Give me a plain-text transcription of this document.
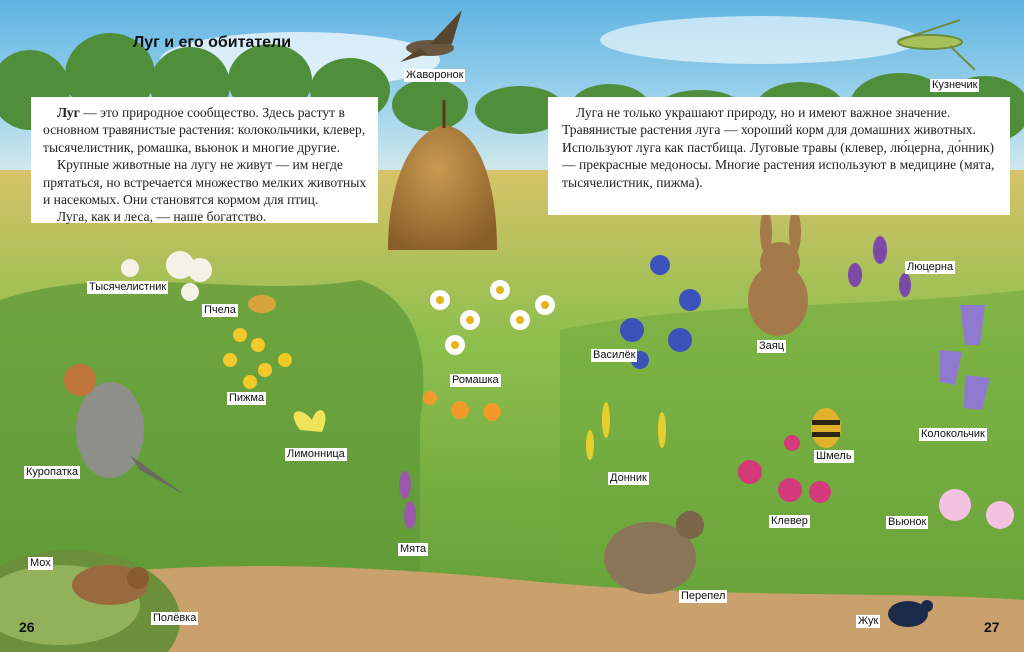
Луг и его обитатели

Луг — это природное сообщество. Здесь растут в основном травянистые растения: колокольчики, клевер, тысячелистник, ромашка, вьюнок и многие другие.

Крупные животные на лугу не живут — им негде прятаться, но встречается множество мелких животных и насекомых. Они становятся кормом для птиц.

Луга, как и леса, — наше богатство.

Луга не только украшают природу, но и имеют важное значение. Травянистые растения луга — хороший корм для домашних животных. Используют луга как пастбища. Луговые травы (клевер, лю́церна, до́нник) — прекрасные медоносы. Многие растения используют в медицине (мята, тысячелистник, пижма).

Жаворонок
Кузнечик
Тысячелистник
Пчела
Ромашка
Пижма
Лимонница
Куропатка
Мята
Мох
Полёвка
Василёк
Заяц
Люцерна
Колокольчик
Шмель
Донник
Клевер	Вьюнок
Перепел
Жук
26	27
